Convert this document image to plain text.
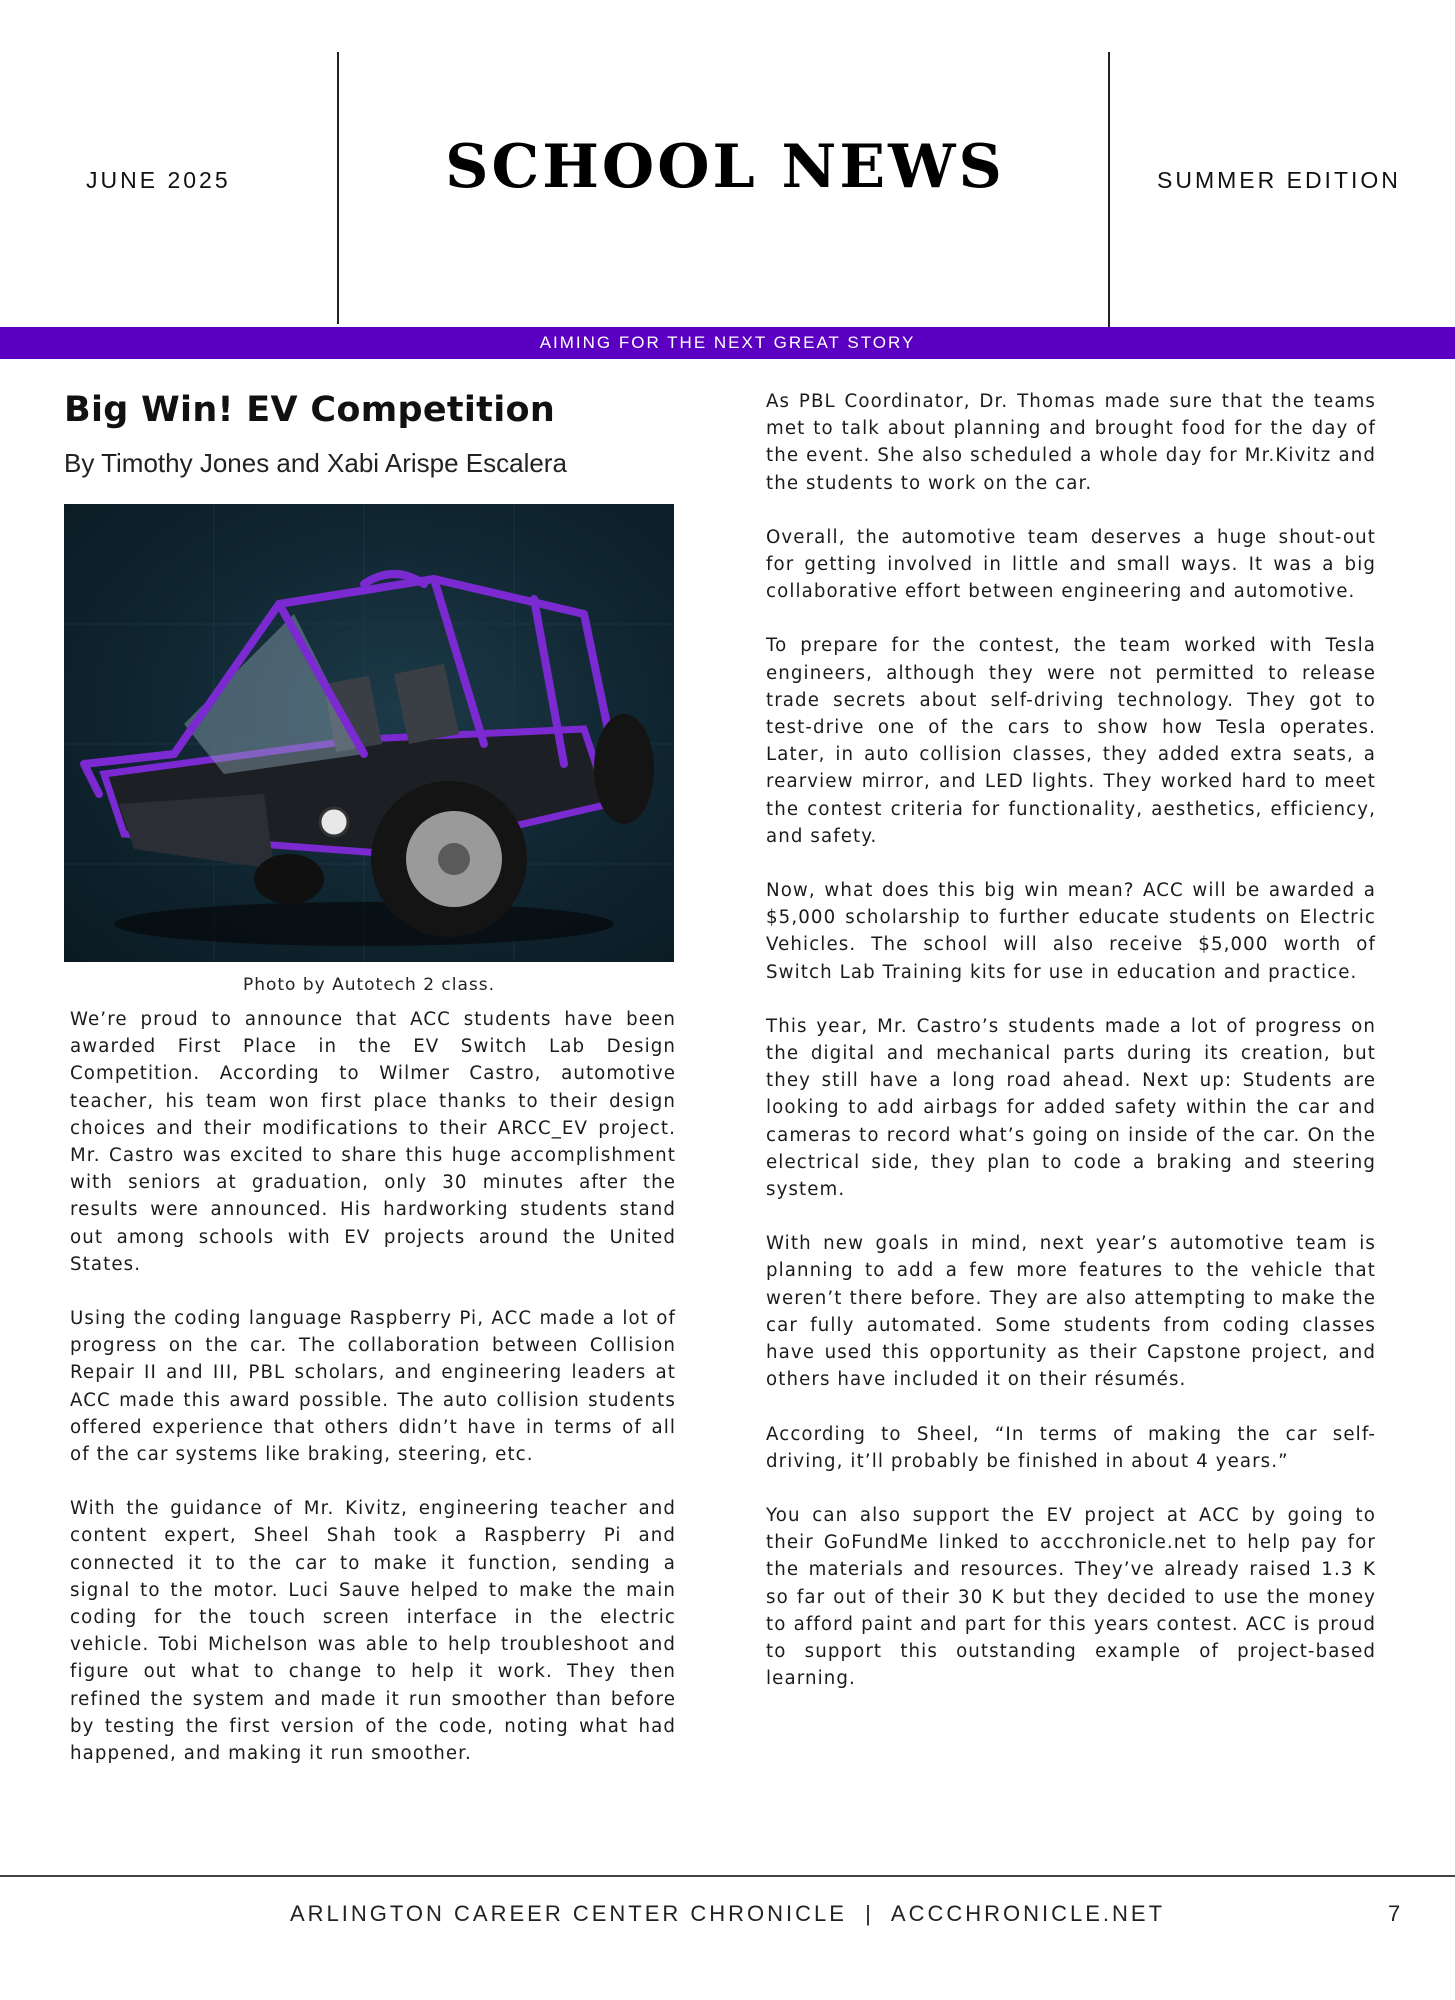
JUNE 2025	SCHOOL NEWS	SUMMER EDITION
AIMING FOR THE NEXT GREAT STORY
Big Win! EV Competition

By Timothy Jones and Xabi Arispe Escalera

Photo by Autotech 2 class.

We’re proud to announce that ACC students have been awarded First Place in the EV Switch Lab Design Competition. According to Wilmer Castro, automotive teacher, his team won first place thanks to their design choices and their modifications to their ARCC_EV project. Mr. Castro was excited to share this huge accomplishment with seniors at graduation, only 30 minutes after the results were announced. His hardworking students stand out among schools with EV projects around the United States.

Using the coding language Raspberry Pi, ACC made a lot of progress on the car. The collaboration between Collision Repair II and III, PBL scholars, and engineering leaders at ACC made this award possible. The auto collision students offered experience that others didn’t have in terms of all of the car systems like braking, steering, etc.

With the guidance of Mr. Kivitz, engineering teacher and content expert, Sheel Shah took a Raspberry Pi and connected it to the car to make it function, sending a signal to the motor. Luci Sauve helped to make the main coding for the touch screen interface in the electric vehicle. Tobi Michelson was able to help troubleshoot and figure out what to change to help it work. They then refined the system and made it run smoother than before by testing the first version of the code, noting what had happened, and making it run smoother.

As PBL Coordinator, Dr. Thomas made sure that the teams met to talk about planning and brought food for the day of the event. She also scheduled a whole day for Mr.Kivitz and the students to work on the car.

Overall, the automotive team deserves a huge shout-out for getting involved in little and small ways. It was a big collaborative effort between engineering and automotive.

To prepare for the contest, the team worked with Tesla engineers, although they were not permitted to release trade secrets about self-driving technology. They got to test-drive one of the cars to show how Tesla operates. Later, in auto collision classes, they added extra seats, a rearview mirror, and LED lights. They worked hard to meet the contest criteria for functionality, aesthetics, efficiency, and safety.

Now, what does this big win mean? ACC will be awarded a $5,000 scholarship to further educate students on Electric Vehicles. The school will also receive $5,000 worth of Switch Lab Training kits for use in education and practice.

This year, Mr. Castro’s students made a lot of progress on the digital and mechanical parts during its creation, but they still have a long road ahead. Next up: Students are looking to add airbags for added safety within the car and cameras to record what’s going on inside of the car. On the electrical side, they plan to code a braking and steering system.

With new goals in mind, next year’s automotive team is planning to add a few more features to the vehicle that weren’t there before. They are also attempting to make the car fully automated. Some students from coding classes have used this opportunity as their Capstone project, and others have included it on their résumés.

According to Sheel, “In terms of making the car self-driving, it’ll probably be finished in about 4 years.”

You can also support the EV project at ACC by going to their GoFundMe linked to accchronicle.net to help pay for the materials and resources. They’ve already raised 1.3 K so far out of their 30 K but they decided to use the money to afford paint and part for this years contest. ACC is proud to support this outstanding example of project-based learning.

ARLINGTON CAREER CENTER CHRONICLE  |  ACCCHRONICLE.NET	7
